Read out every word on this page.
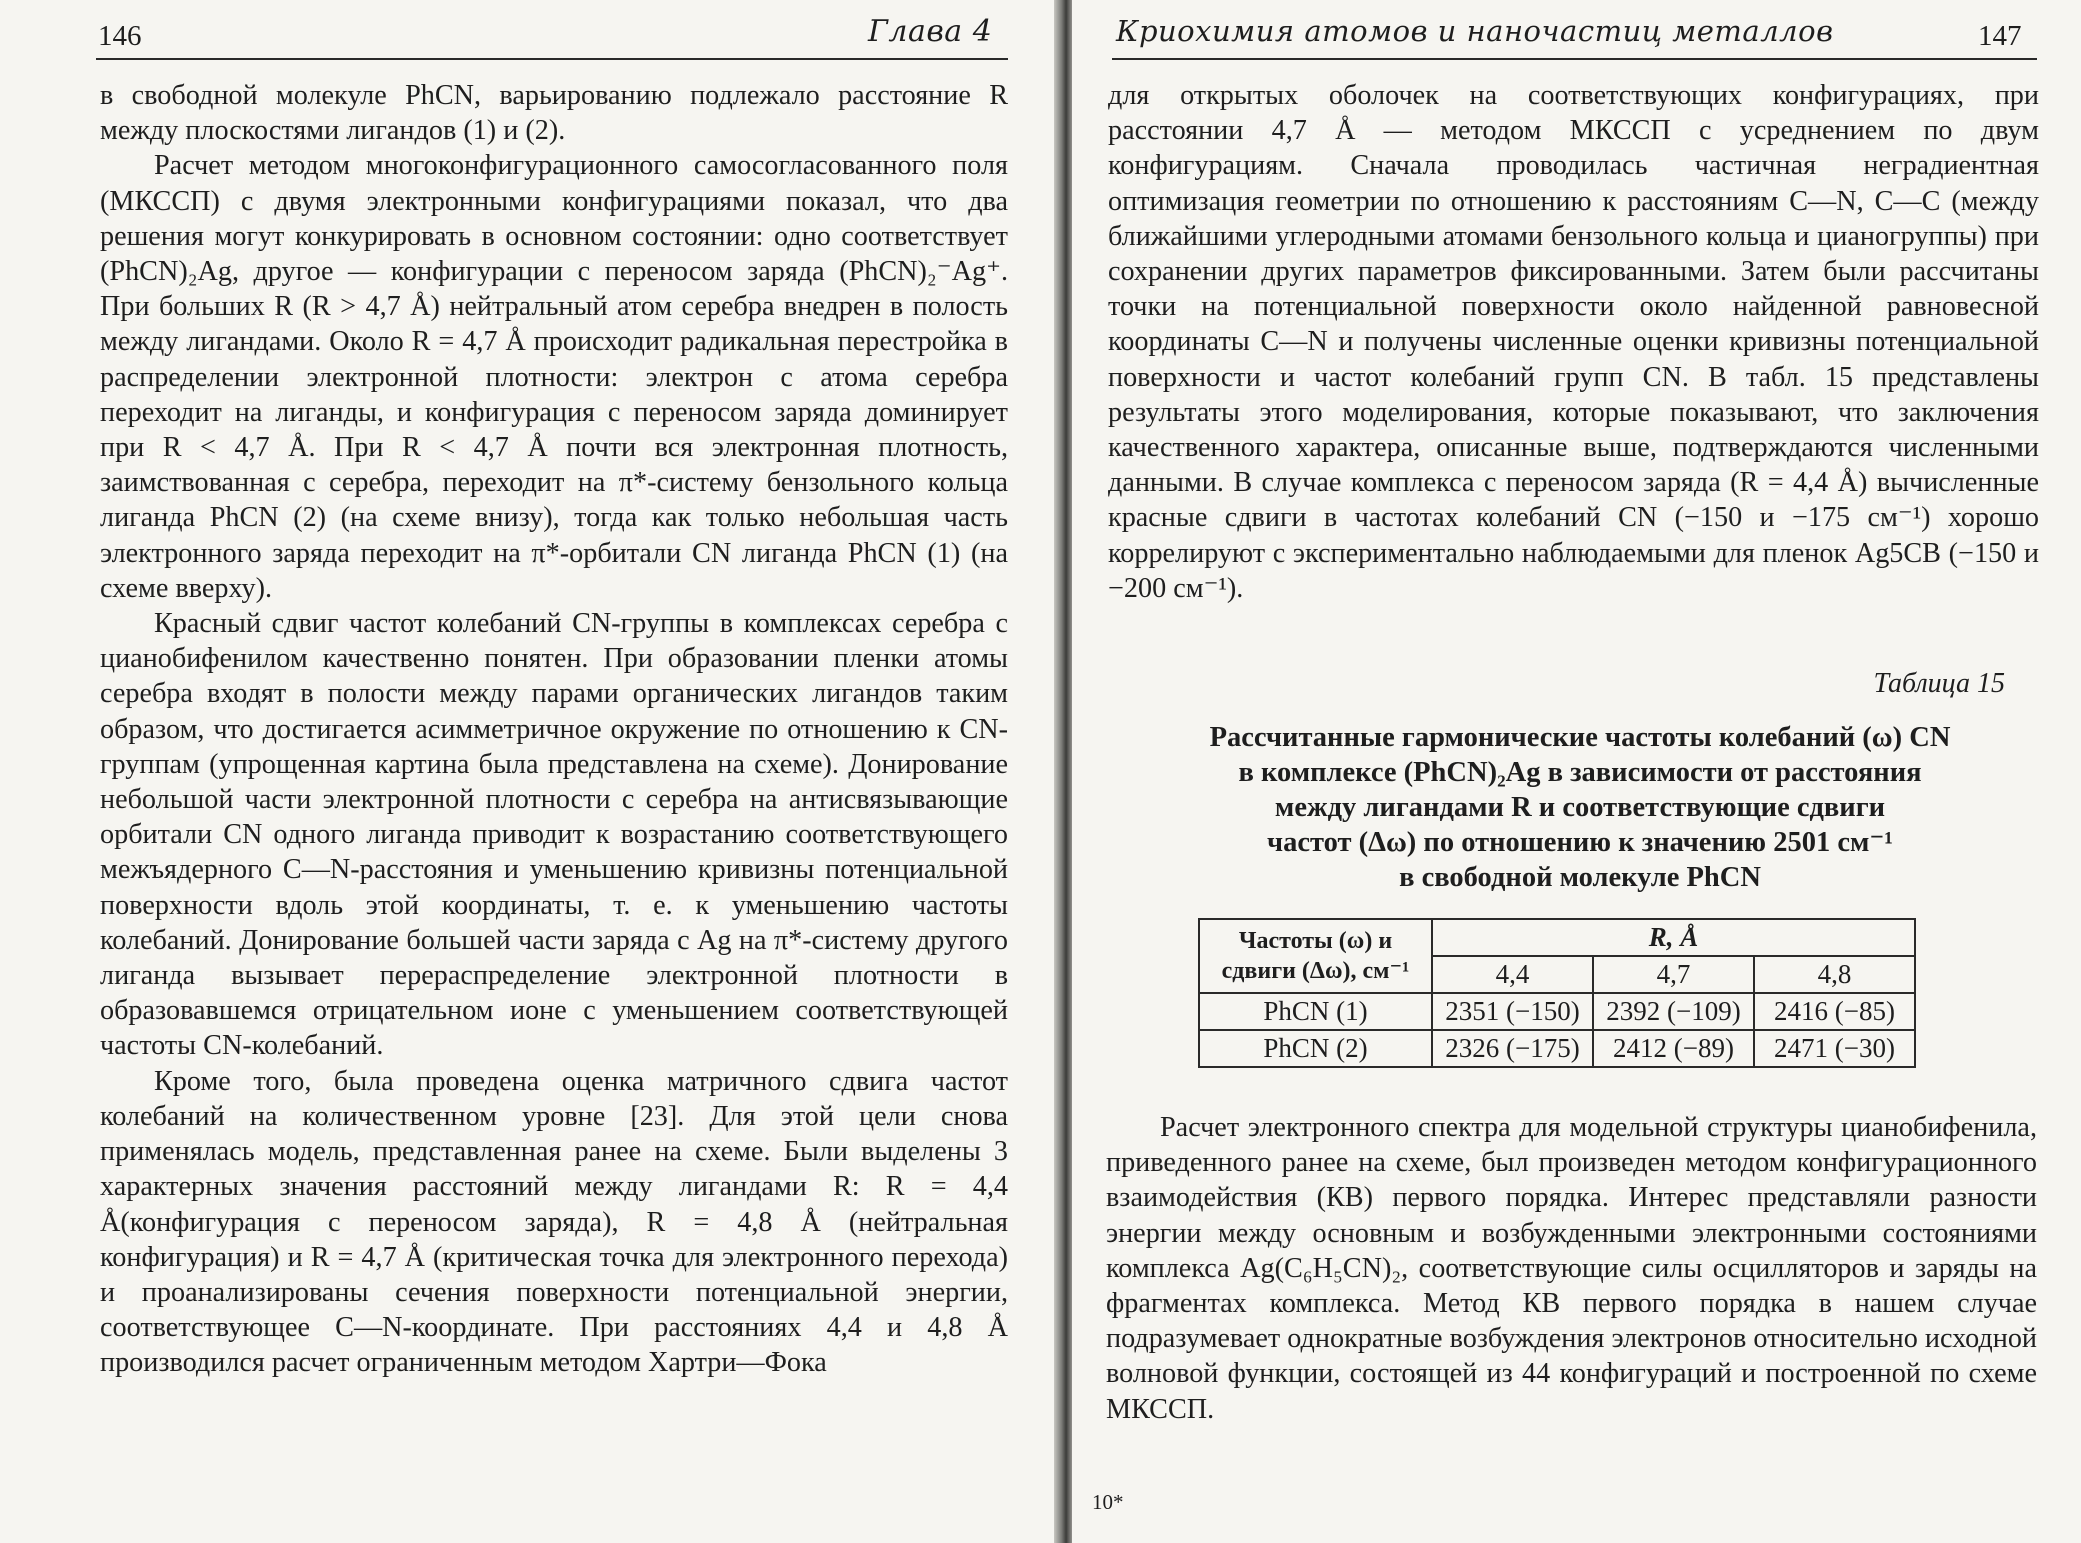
146	Глава 4

в свободной молекуле PhCN, варьированию подлежало расстояние R между плоскостями лигандов (1) и (2).

Расчет методом многоконфигурационного самосогласованного поля (МКССП) с двумя электронными конфигурациями показал, что два решения могут конкурировать в основном состоянии: одно соответствует (PhCN)₂Ag, другое — конфигурации с переносом заряда (PhCN)₂⁻Ag⁺. При больших R (R > 4,7 Å) нейтральный атом серебра внедрен в полость между лигандами. Около R = 4,7 Å происходит радикальная перестройка в распределении электронной плотности: электрон с атома серебра переходит на лиганды, и конфигурация с переносом заряда доминирует при R < 4,7 Å. При R < 4,7 Å почти вся электронная плотность, заимствованная с серебра, переходит на π*-систему бензольного кольца лиганда PhCN (2) (на схеме внизу), тогда как только небольшая часть электронного заряда переходит на π*-орбитали CN лиганда PhCN (1) (на схеме вверху).

Красный сдвиг частот колебаний CN-группы в комплексах серебра с цианобифенилом качественно понятен. При образовании пленки атомы серебра входят в полости между парами органических лигандов таким образом, что достигается асимметричное окружение по отношению к CN-группам (упрощенная картина была представлена на схеме). Донирование небольшой части электронной плотности с серебра на антисвязывающие орбитали CN одного лиганда приводит к возрастанию соответствующего межъядерного C—N-расстояния и уменьшению кривизны потенциальной поверхности вдоль этой координаты, т. е. к уменьшению частоты колебаний. Донирование большей части заряда с Ag на π*-систему другого лиганда вызывает перераспределение электронной плотности в образовавшемся отрицательном ионе с уменьшением соответствующей частоты CN-колебаний.

Кроме того, была проведена оценка матричного сдвига частот колебаний на количественном уровне [23]. Для этой цели снова применялась модель, представленная ранее на схеме. Были выделены 3 характерных значения расстояний между лигандами R: R = 4,4 Å(конфигурация с переносом заряда), R = 4,8 Å (нейтральная конфигурация) и R = 4,7 Å (критическая точка для электронного перехода) и проанализированы сечения поверхности потенциальной энергии, соответствующее C—N-координате. При расстояниях 4,4 и 4,8 Å производился расчет ограниченным методом Хартри—Фока

Криохимия атомов и наночастиц металлов	147

для открытых оболочек на соответствующих конфигурациях, при расстоянии 4,7 Å — методом МКССП с усреднением по двум конфигурациям. Сначала проводилась частичная неградиентная оптимизация геометрии по отношению к расстояниям C—N, C—C (между ближайшими углеродными атомами бензольного кольца и цианогруппы) при сохранении других параметров фиксированными. Затем были рассчитаны точки на потенциальной поверхности около найденной равновесной координаты C—N и получены численные оценки кривизны потенциальной поверхности и частот колебаний групп CN. В табл. 15 представлены результаты этого моделирования, которые показывают, что заключения качественного характера, описанные выше, подтверждаются численными данными. В случае комплекса с переносом заряда (R = 4,4 Å) вычисленные красные сдвиги в частотах колебаний CN (−150 и −175 см⁻¹) хорошо коррелируют с экспериментально наблюдаемыми для пленок Ag5CB (−150 и −200 см⁻¹).

Таблица 15
Рассчитанные гармонические частоты колебаний (ω) CN
в комплексе (PhCN)₂Ag в зависимости от расстояния
между лигандами R и соответствующие сдвиги
частот (Δω) по отношению к значению 2501 см⁻¹
в свободной молекуле PhCN
Частоты (ω) и
сдвиги (Δω), см⁻¹	R, Å		
	4,4	4,7	4,8
PhCN (1)	2351 (−150)	2392 (−109)	2416 (−85)
PhCN (2)	2326 (−175)	2412 (−89)	2471 (−30)

Расчет электронного спектра для модельной структуры цианобифенила, приведенного ранее на схеме, был произведен методом конфигурационного взаимодействия (КВ) первого порядка. Интерес представляли разности энергии между основным и возбужденными электронными состояниями комплекса Ag(C₆H₅CN)₂, соответствующие силы осцилляторов и заряды на фрагментах комплекса. Метод КВ первого порядка в нашем случае подразумевает однократные возбуждения электронов относительно исходной волновой функции, состоящей из 44 конфигураций и построенной по схеме МКССП.

10*
